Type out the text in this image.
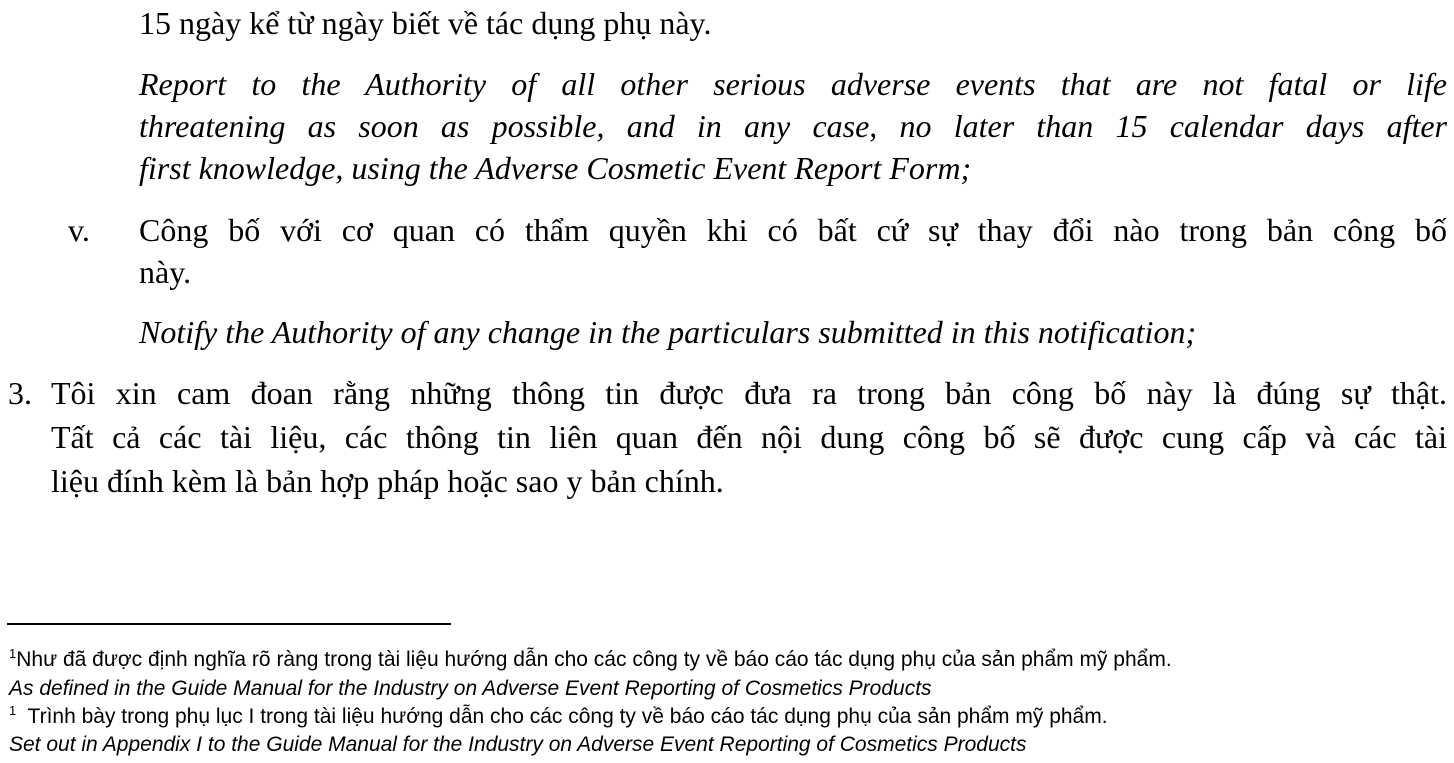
15 ngày kể từ ngày biết về tác dụng phụ này.
Report to the Authority of all other serious adverse events that are not fatal or life
threatening as soon as possible, and in any case, no later than 15 calendar days after
first knowledge, using the Adverse Cosmetic Event Report Form;
v. Công bố với cơ quan có thẩm quyền khi có bất cứ sự thay đổi nào trong bản công bố
này.
Notify the Authority of any change in the particulars submitted in this notification;
3. Tôi xin cam đoan rằng những thông tin được đưa ra trong bản công bố này là đúng sự thật.
Tất cả các tài liệu, các thông tin liên quan đến nội dung công bố sẽ được cung cấp và các tài
liệu đính kèm là bản hợp pháp hoặc sao y bản chính.
$^1$Như đã được định nghĩa rõ ràng trong tài liệu hướng dẫn cho các công ty về báo cáo tác dụng phụ của sản phẩm mỹ phẩm.
As defined in the Guide Manual for the Industry on Adverse Event Reporting of Cosmetics Products
$^1$ Trình bày trong phụ lục I trong tài liệu hướng dẫn cho các công ty về báo cáo tác dụng phụ của sản phẩm mỹ phẩm.
Set out in Appendix I to the Guide Manual for the Industry on Adverse Event Reporting of Cosmetics Products
